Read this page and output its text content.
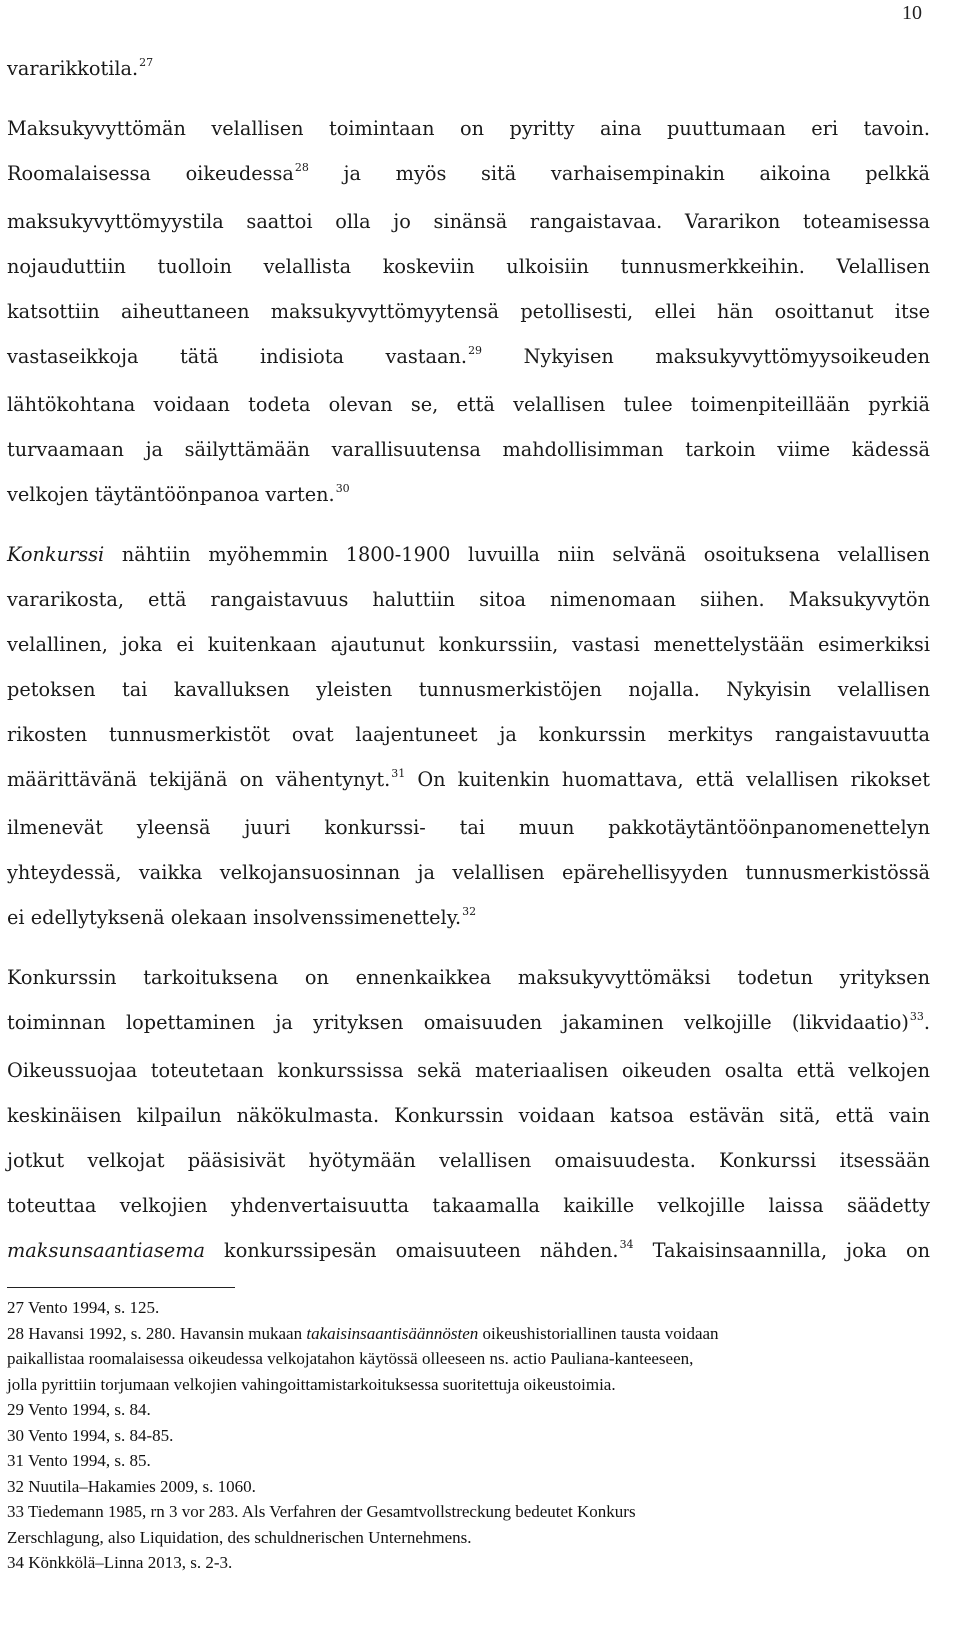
10

vararikkotila.$^{27}$

Maksukyvyttömän velallisen toimintaan on pyritty aina puuttumaan eri tavoin.

Roomalaisessa oikeudessa$^{28}$ ja myös sitä varhaisempinakin aikoina pelkkä

maksukyvyttömyystila saattoi olla jo sinänsä rangaistavaa. Vararikon toteamisessa

nojauduttiin tuolloin velallista koskeviin ulkoisiin tunnusmerkkeihin. Velallisen

katsottiin aiheuttaneen maksukyvyttömyytensä petollisesti, ellei hän osoittanut itse

vastaseikkoja tätä indisiota vastaan.$^{29}$ Nykyisen maksukyvyttömyysoikeuden

lähtökohtana voidaan todeta olevan se, että velallisen tulee toimenpiteillään pyrkiä

turvaamaan ja säilyttämään varallisuutensa mahdollisimman tarkoin viime kädessä

velkojen täytäntöönpanoa varten.$^{30}$

Konkurssi nähtiin myöhemmin 1800-1900 luvuilla niin selvänä osoituksena velallisen

vararikosta, että rangaistavuus haluttiin sitoa nimenomaan siihen. Maksukyvytön

velallinen, joka ei kuitenkaan ajautunut konkurssiin, vastasi menettelystään esimerkiksi

petoksen tai kavalluksen yleisten tunnusmerkistöjen nojalla. Nykyisin velallisen

rikosten tunnusmerkistöt ovat laajentuneet ja konkurssin merkitys rangaistavuutta

määrittävänä tekijänä on vähentynyt.$^{31}$ On kuitenkin huomattava, että velallisen rikokset

ilmenevät yleensä juuri konkurssi- tai muun pakkotäytäntöönpanomenettelyn

yhteydessä, vaikka velkojansuosinnan ja velallisen epärehellisyyden tunnusmerkistössä

ei edellytyksenä olekaan insolvenssimenettely.$^{32}$

Konkurssin tarkoituksena on ennenkaikkea maksukyvyttömäksi todetun yrityksen

toiminnan lopettaminen ja yrityksen omaisuuden jakaminen velkojille (likvidaatio)$^{33}$.

Oikeussuojaa toteutetaan konkurssissa sekä materiaalisen oikeuden osalta että velkojen

keskinäisen kilpailun näkökulmasta. Konkurssin voidaan katsoa estävän sitä, että vain

jotkut velkojat pääsisivät hyötymään velallisen omaisuudesta. Konkurssi itsessään

toteuttaa velkojien yhdenvertaisuutta takaamalla kaikille velkojille laissa säädetty

maksunsaantiasema konkurssipesän omaisuuteen nähden.$^{34}$ Takaisinsaannilla, joka on

27 Vento 1994, s. 125.
28 Havansi 1992, s. 280. Havansin mukaan takaisinsaantisäännösten oikeushistoriallinen tausta voidaan
paikallistaa roomalaisessa oikeudessa velkojatahon käytössä olleeseen ns. actio Pauliana-kanteeseen,
jolla pyrittiin torjumaan velkojien vahingoittamistarkoituksessa suoritettuja oikeustoimia.
29 Vento 1994, s. 84.
30 Vento 1994, s. 84-85.
31 Vento 1994, s. 85.
32 Nuutila–Hakamies 2009, s. 1060.
33 Tiedemann 1985, rn 3 vor 283. Als Verfahren der Gesamtvollstreckung bedeutet Konkurs
Zerschlagung, also Liquidation, des schuldnerischen Unternehmens.
34 Könkkölä–Linna 2013, s. 2-3.
